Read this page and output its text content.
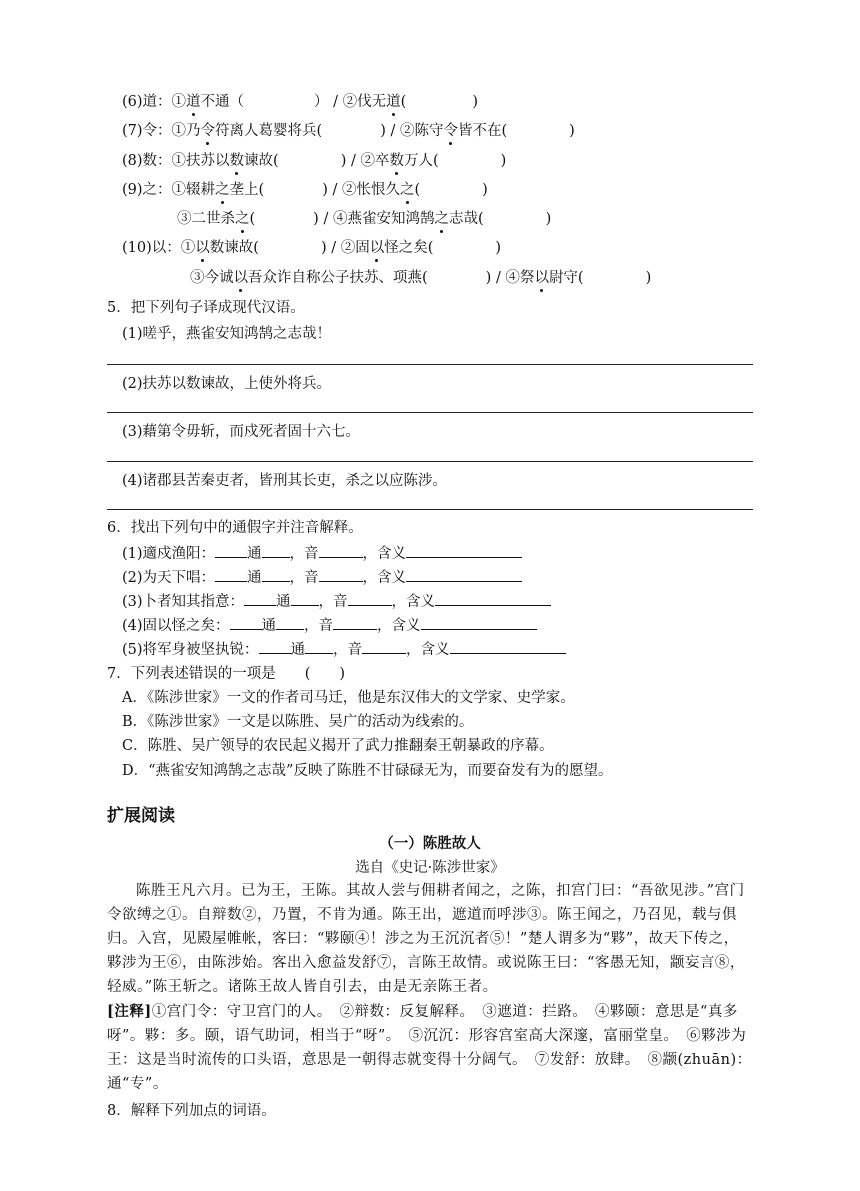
(6)道：①道不通（	） / ②伐无道(	)
(7)令：①乃令符离人葛婴将兵(	) / ②陈守令皆不在(	)
(8)数：①扶苏以数谏故(	) / ②卒数万人(	)
(9)之：①辍耕之垄上(	) / ②怅恨久之(	)
③二世杀之(	) / ④燕雀安知鸿鹄之志哉(	)
(10)以：①以数谏故(	) / ②固以怪之矣(	)
③今诚以吾众诈自称公子扶苏、项燕(	) / ④祭以尉守(	)
5．把下列句子译成现代汉语。
(1)嗟乎，燕雀安知鸿鹄之志哉！
(2)扶苏以数谏故，上使外将兵。
(3)藉第令毋斩，而戍死者固十六七。
(4)诸郡县苦秦吏者，皆刑其长吏，杀之以应陈涉。
6．找出下列句中的通假字并注音解释。
(1)適戍渔阳： 通 ，音	，含义
(2)为天下唱： 通 ，音	，含义
(3)卜者知其指意： 通 ，音	，含义
(4)固以怪之矣： 通 ，音	，含义
(5)将军身被坚执锐： 通 ，音	，含义
7．下列表述错误的一项是　　(　　)
A．《陈涉世家》一文的作者司马迁，他是东汉伟大的文学家、史学家。
B．《陈涉世家》一文是以陈胜、吴广的活动为线索的。
C．陈胜、吴广领导的农民起义揭开了武力推翻秦王朝暴政的序幕。
D．“燕雀安知鸿鹄之志哉”反映了陈胜不甘碌碌无为，而要奋发有为的愿望。
扩展阅读
（一）陈胜故人
选自《史记·陈涉世家》
陈胜王凡六月。已为王，王陈。其故人尝与佣耕者闻之，之陈，扣宫门曰：“吾欲见涉。”宫门令欲缚之①。自辩数②，乃置，不肯为通。陈王出，遮道而呼涉③。陈王闻之，乃召见，载与俱归。入宫，见殿屋帷帐，客曰：“夥颐④！涉之为王沉沉者⑤！”楚人谓多为“夥”，故天下传之，夥涉为王⑥，由陈涉始。客出入愈益发舒⑦，言陈王故情。或说陈王曰：“客愚无知，颛妄言⑧，轻威。”陈王斩之。诸陈王故人皆自引去，由是无亲陈王者。
[注释]①宫门令：守卫宫门的人。　②辩数：反复解释。　③遮道：拦路。　④夥颐：意思是“真多呀”。夥：多。颐，语气助词，相当于“呀”。　⑤沉沉：形容宫室高大深邃，富丽堂皇。　⑥夥涉为王：这是当时流传的口头语，意思是一朝得志就变得十分阔气。　⑦发舒：放肆。　⑧颛(zhuān)：通“专”。
8．解释下列加点的词语。
